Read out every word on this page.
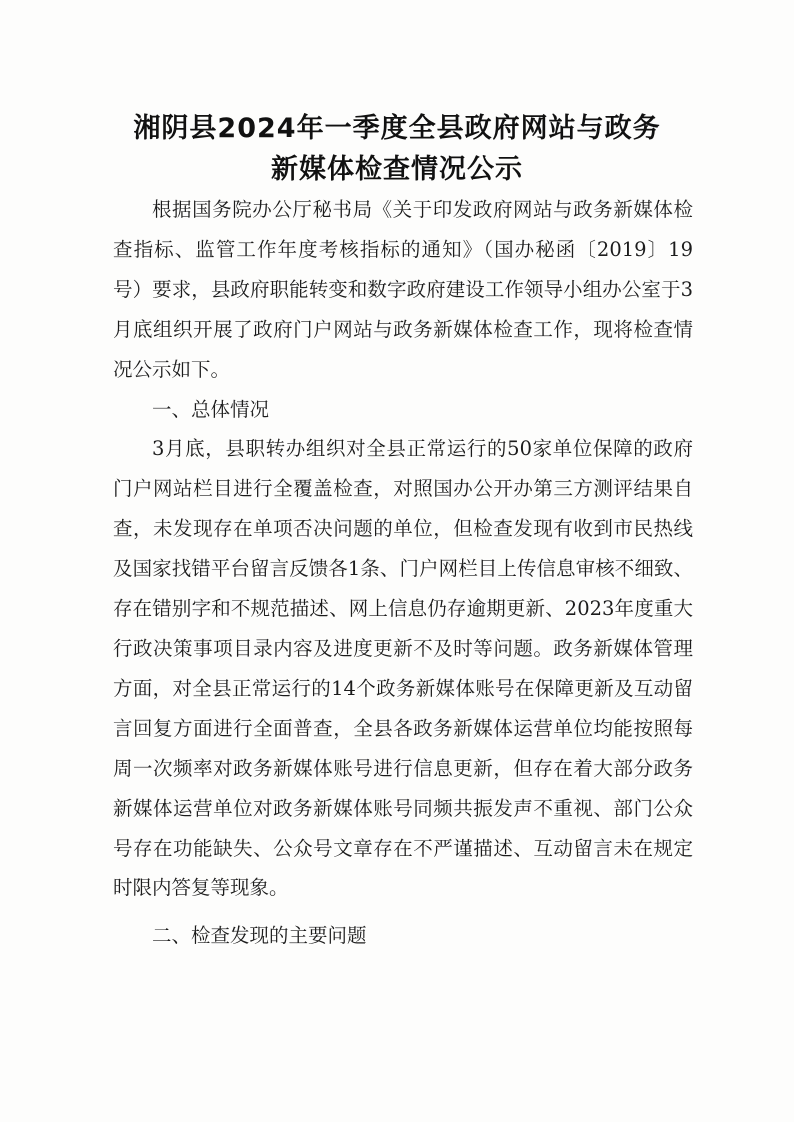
湘阴县2024年一季度全县政府网站与政务
新媒体检查情况公示

根据国务院办公厅秘书局《关于印发政府网站与政务新媒体检查指标、监管工作年度考核指标的通知》（国办秘函〔2019〕19号）要求，县政府职能转变和数字政府建设工作领导小组办公室于3月底组织开展了政府门户网站与政务新媒体检查工作，现将检查情况公示如下。

一、总体情况

3月底，县职转办组织对全县正常运行的50家单位保障的政府门户网站栏目进行全覆盖检查，对照国办公开办第三方测评结果自查，未发现存在单项否决问题的单位，但检查发现有收到市民热线及国家找错平台留言反馈各1条、门户网栏目上传信息审核不细致、存在错别字和不规范描述、网上信息仍存逾期更新、2023年度重大行政决策事项目录内容及进度更新不及时等问题。政务新媒体管理方面，对全县正常运行的14个政务新媒体账号在保障更新及互动留言回复方面进行全面普查，全县各政务新媒体运营单位均能按照每周一次频率对政务新媒体账号进行信息更新，但存在着大部分政务新媒体运营单位对政务新媒体账号同频共振发声不重视、部门公众号存在功能缺失、公众号文章存在不严谨描述、互动留言未在规定时限内答复等现象。

二、检查发现的主要问题
